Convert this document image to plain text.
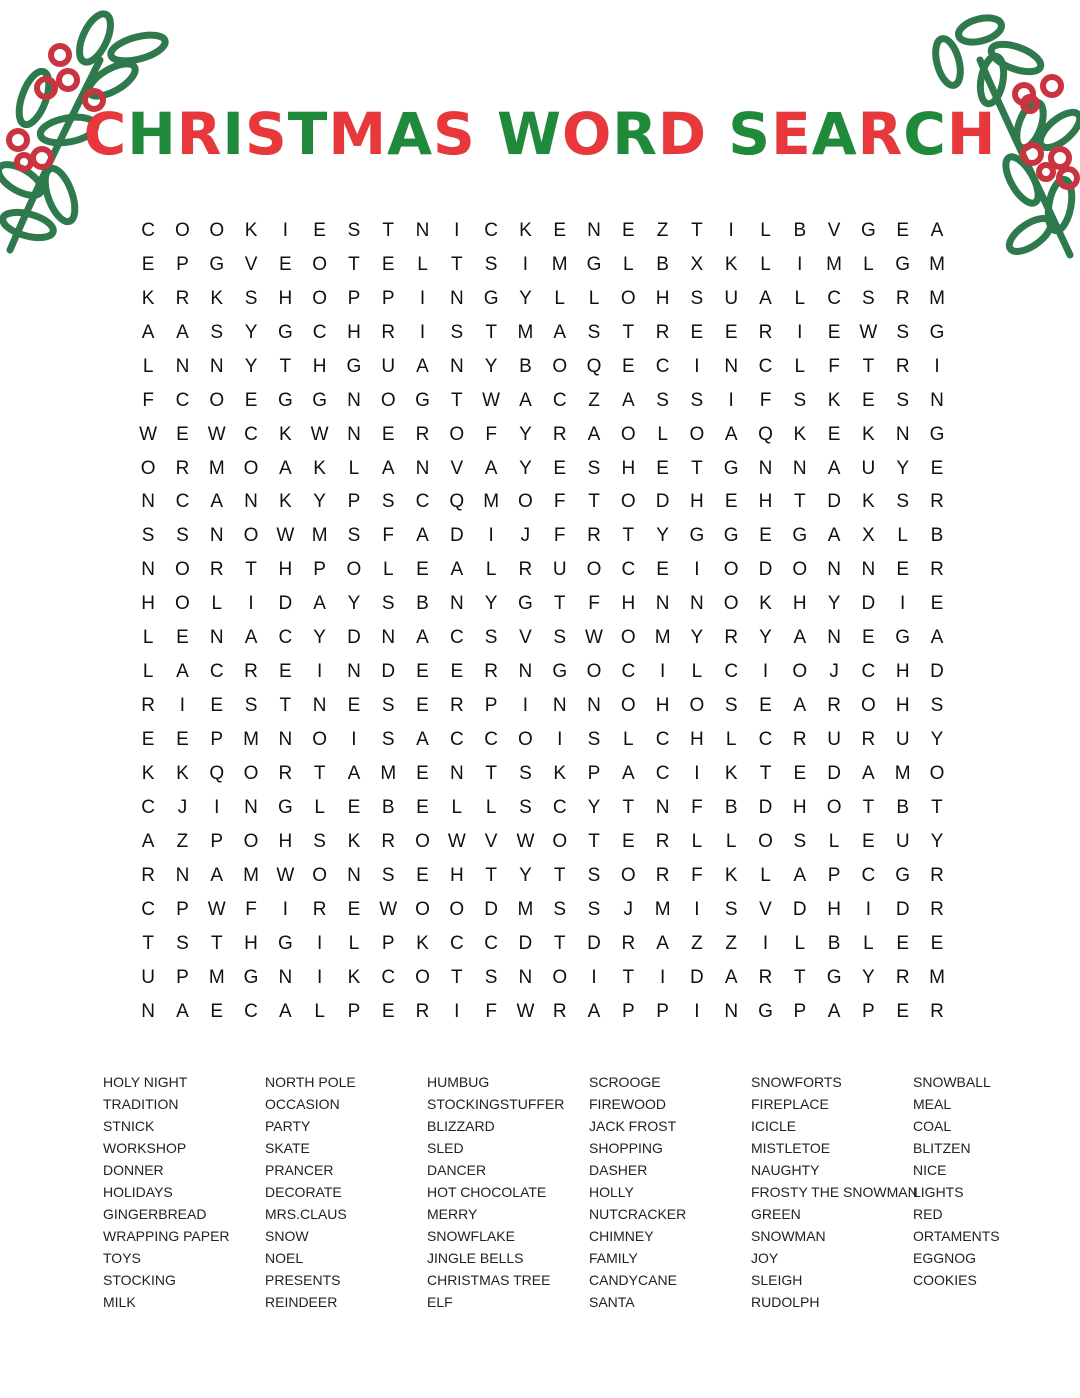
CHRISTMAS WORD SEARCH
C	O	O	K	I	E	S	T	N	I	C	K	E	N	E	Z	T	I	L	B	V	G	E	A
E	P	G	V	E	O	T	E	L	T	S	I	M G	L	B	X	K	L	I	M	L	G	M
K	R	K	S	H	O	P	P	I	N	G	Y	L	L	O	H	S	U	A	L	C	S	R	M
A	A	S	Y	G	C	H	R	I	S	T	M	A	S	T	R	E	E	R	I	E W S	G
L	N	N	Y	T	H	G	U	A	N	Y	B	O	Q	E	C	I	N	C	L	F	T	R	I
F	C	O	E	G	G	N	O	G	T	W A	C	Z	A	S	S	I	F	S	K	E	S	N
W E W C	K W N	E	R	O	F	Y	R	A	O	L	O	A	Q	K	E	K	N	G
O	R	M O	A	K	L	A	N	V	A	Y	E	S	H	E	T	G	N	N	A	U	Y	E
N	C	A	N	K	Y	P	S	C	Q	M O	F	T	O	D	H	E	H	T	D	K	S	R
S	S	N	O W M	S	F	A	D	I	J	F	R	T	Y	G	G	E	G	A	X	L	B
N	O	R	T	H	P	O	L	E	A	L	R	U	O	C	E	I	O	D	O	N	N	E	R
H	O	L	I	D	A	Y	S	B	N	Y	G	T	F	H	N	N	O	K	H	Y	D	I	E
L	E	N	A	C	Y	D	N	A	C	S	V	S W O	M	Y	R	Y	A	N	E	G	A
L	A	C	R	E	I	N	D	E	E	R	N	G	O	C	I	L	C	I	O	J	C	H	D
R	I	E	S	T	N	E	S	E	R	P	I	N	N	O	H	O	S	E	A	R	O	H	S
E	E	P	M	N	O	I	S	A	C	C	O	I	S	L	C	H	L	C	R	U	R	U	Y
K	K	Q	O	R	T	A	M	E	N	T	S	K	P	A	C	I	K	T	E	D	A	M O
C	J	I	N	G	L	E	B	E	L	L	S	C	Y	T	N	F	B	D	H	O	T	B	T
A	Z	P	O	H	S	K	R	O W V W O	T	E	R	L	L	O	S	L	E	U	Y
R	N	A	M W O	N	S	E	H	T	Y	T	S	O	R	F	K	L	A	P	C	G	R
C	P W	F	I	R	E W O	O	D	M	S	S	J	M	I	S	V	D	H	I	D	R
T	S	T	H	G	I	L	P	K	C	C	D	T	D	R	A	Z	Z	I	L	B	L	E	E
U	P	M G	N	I	K	C	O	T	S	N	O	I	T	I	D	A	R	T	G	Y	R	M
N	A	E	C	A	L	P	E	R	I	F	W R	A	P	P	I	N	G	P	A	P	E	R
HOLY NIGHT
TRADITION
STNICK
WORKSHOP
DONNER
HOLIDAYS
GINGERBREAD
WRAPPING PAPER
TOYS
STOCKING
MILK
NORTH POLE
OCCASION
PARTY
SKATE
PRANCER
DECORATE
MRS.CLAUS
SNOW
NOEL
PRESENTS
REINDEER
HUMBUG
STOCKINGSTUFFER
BLIZZARD
SLED
DANCER
HOT CHOCOLATE
MERRY
SNOWFLAKE
JINGLE BELLS
CHRISTMAS TREE
ELF
SCROOGE
FIREWOOD
JACK FROST
SHOPPING
DASHER
HOLLY
NUTCRACKER
CHIMNEY
FAMILY
CANDYCANE
SANTA
SNOWFORTS
FIREPLACE
ICICLE
MISTLETOE
NAUGHTY
FROSTY THE SNOWMAN
GREEN
SNOWMAN
JOY
SLEIGH
RUDOLPH
SNOWBALL
MEAL
COAL
BLITZEN
NICE
LIGHTS
RED
ORTAMENTS
EGGNOG
COOKIES
